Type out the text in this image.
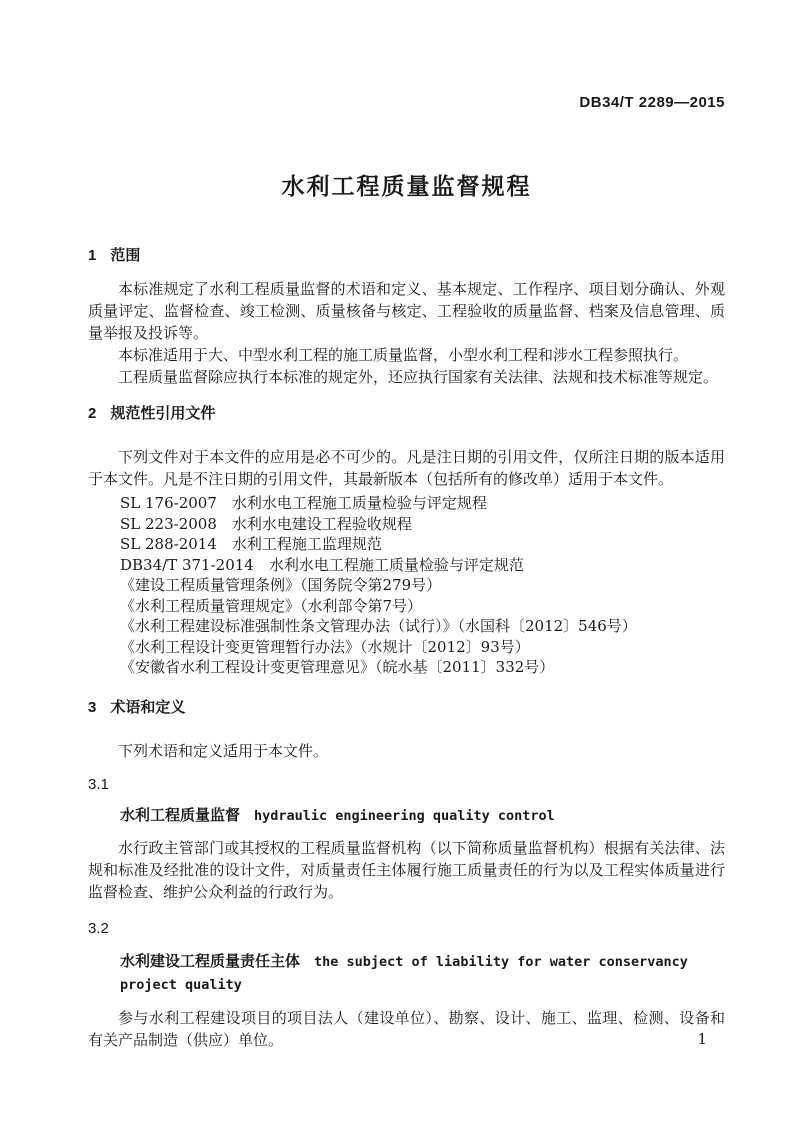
DB34/T 2289—2015
水利工程质量监督规程
1 范围

本标准规定了水利工程质量监督的术语和定义、基本规定、工作程序、项目划分确认、外观质量评定、监督检查、竣工检测、质量核备与核定、工程验收的质量监督、档案及信息管理、质量举报及投诉等。

本标准适用于大、中型水利工程的施工质量监督，小型水利工程和涉水工程参照执行。

工程质量监督除应执行本标准的规定外，还应执行国家有关法律、法规和技术标准等规定。

2 规范性引用文件

下列文件对于本文件的应用是必不可少的。凡是注日期的引用文件，仅所注日期的版本适用于本文件。凡是不注日期的引用文件，其最新版本（包括所有的修改单）适用于本文件。

SL 176-2007　水利水电工程施工质量检验与评定规程
SL 223-2008　水利水电建设工程验收规程
SL 288-2014　水利工程施工监理规范
DB34/T 371-2014　水利水电工程施工质量检验与评定规范
《建设工程质量管理条例》（国务院令第279号）
《水利工程质量管理规定》（水利部令第7号）
《水利工程建设标准强制性条文管理办法（试行）》（水国科〔2012〕546号）
《水利工程设计变更管理暂行办法》（水规计〔2012〕93号）
《安徽省水利工程设计变更管理意见》（皖水基〔2011〕332号）
3 术语和定义

下列术语和定义适用于本文件。

3.1
水利工程质量监督 hydraulic engineering quality control

水行政主管部门或其授权的工程质量监督机构（以下简称质量监督机构）根据有关法律、法规和标准及经批准的设计文件，对质量责任主体履行施工质量责任的行为以及工程实体质量进行监督检查、维护公众利益的行政行为。

3.2
水利建设工程质量责任主体 the subject of liability for water conservancy project quality

参与水利工程建设项目的项目法人（建设单位）、勘察、设计、施工、监理、检测、设备和有关产品制造（供应）单位。	1
